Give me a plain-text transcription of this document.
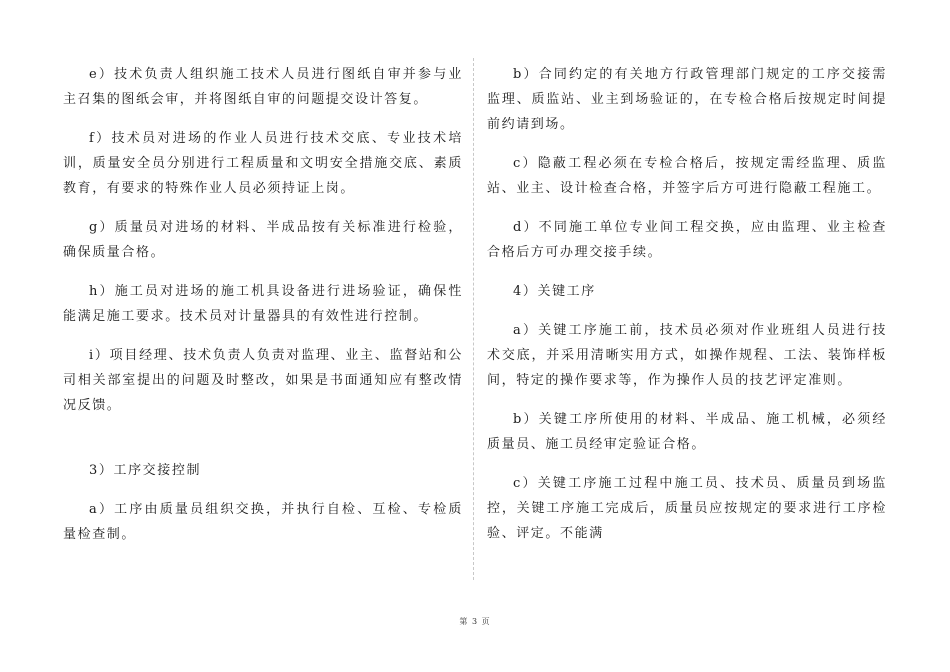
e）技术负责人组织施工技术人员进行图纸自审并参与业主召集的图纸会审，并将图纸自审的问题提交设计答复。

f）技术员对进场的作业人员进行技术交底、专业技术培训，质量安全员分别进行工程质量和文明安全措施交底、素质教育，有要求的特殊作业人员必须持证上岗。

g）质量员对进场的材料、半成品按有关标准进行检验，确保质量合格。

h）施工员对进场的施工机具设备进行进场验证，确保性能满足施工要求。技术员对计量器具的有效性进行控制。

i）项目经理、技术负责人负责对监理、业主、监督站和公司相关部室提出的问题及时整改，如果是书面通知应有整改情况反馈。

3）工序交接控制

a）工序由质量员组织交换，并执行自检、互检、专检质量检查制。

b）合同约定的有关地方行政管理部门规定的工序交接需监理、质监站、业主到场验证的，在专检合格后按规定时间提前约请到场。

c）隐蔽工程必须在专检合格后，按规定需经监理、质监站、业主、设计检查合格，并签字后方可进行隐蔽工程施工。

d）不同施工单位专业间工程交换，应由监理、业主检查合格后方可办理交接手续。

4）关键工序

a）关键工序施工前，技术员必须对作业班组人员进行技术交底，并采用清晰实用方式，如操作规程、工法、装饰样板间，特定的操作要求等，作为操作人员的技艺评定准则。

b）关键工序所使用的材料、半成品、施工机械，必须经质量员、施工员经审定验证合格。

c）关键工序施工过程中施工员、技术员、质量员到场监控，关键工序施工完成后，质量员应按规定的要求进行工序检验、评定。不能满

第 3 页
